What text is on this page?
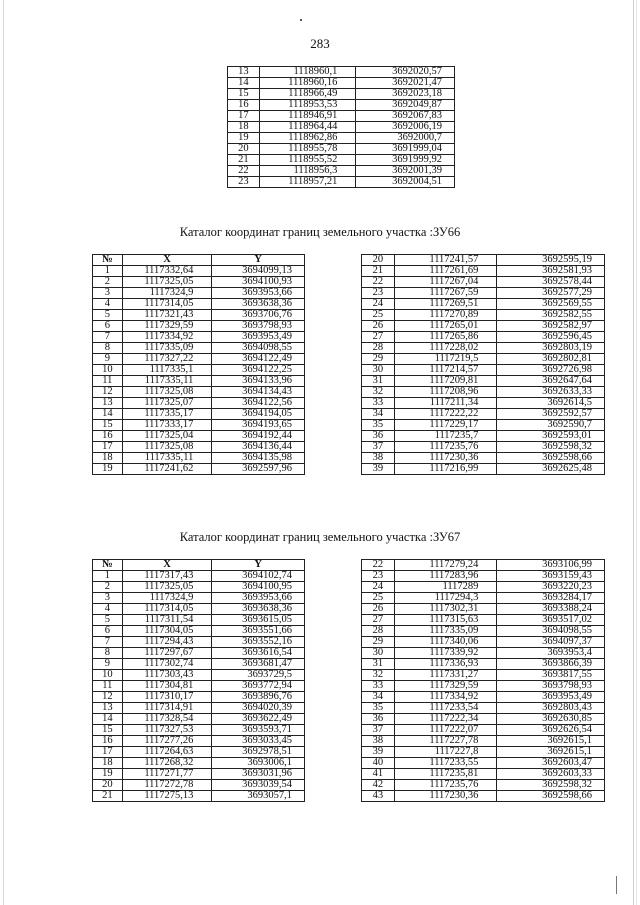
283
13	1118960,1	3692020,57
14	1118960,16	3692021,47
15	1118966,49	3692023,18
16	1118953,53	3692049,87
17	1118946,91	3692067,83
18	1118964,44	3692006,19
19	1118962,86	3692000,7
20	1118955,78	3691999,04
21	1118955,52	3691999,92
22	1118956,3	3692001,39
23	1118957,21	3692004,51
Каталог координат границ земельного участка :ЗУ66
№	X	Y
1	1117332,64	3694099,13
2	1117325,05	3694100,93
3	1117324,9	3693953,66
4	1117314,05	3693638,36
5	1117321,43	3693706,76
6	1117329,59	3693798,93
7	1117334,92	3693953,49
8	1117335,09	3694098,55
9	1117327,22	3694122,49
10	1117335,1	3694122,25
11	1117335,11	3694133,96
12	1117325,08	3694134,43
13	1117325,07	3694122,56
14	1117335,17	3694194,05
15	1117333,17	3694193,65
16	1117325,04	3694192,44
17	1117325,08	3694136,44
18	1117335,11	3694135,98
19	1117241,62	3692597,96
20	1117241,57	3692595,19
21	1117261,69	3692581,93
22	1117267,04	3692578,44
23	1117267,59	3692577,29
24	1117269,51	3692569,55
25	1117270,89	3692582,55
26	1117265,01	3692582,97
27	1117265,86	3692596,45
28	1117228,02	3692803,19
29	1117219,5	3692802,81
30	1117214,57	3692726,98
31	1117209,81	3692647,64
32	1117208,96	3692633,33
33	1117211,34	3692614,5
34	1117222,22	3692592,57
35	1117229,17	3692590,7
36	1117235,7	3692593,01
37	1117235,76	3692598,32
38	1117230,36	3692598,66
39	1117216,99	3692625,48
Каталог координат границ земельного участка :ЗУ67
№	X	Y
1	1117317,43	3694102,74
2	1117325,05	3694100,95
3	1117324,9	3693953,66
4	1117314,05	3693638,36
5	1117311,54	3693615,05
6	1117304,05	3693551,66
7	1117294,43	3693552,16
8	1117297,67	3693616,54
9	1117302,74	3693681,47
10	1117303,43	3693729,5
11	1117304,81	3693772,94
12	1117310,17	3693896,76
13	1117314,91	3694020,39
14	1117328,54	3693622,49
15	1117327,53	3693593,71
16	1117277,26	3693033,45
17	1117264,63	3692978,51
18	1117268,32	3693006,1
19	1117271,77	3693031,96
20	1117272,78	3693039,54
21	1117275,13	3693057,1
22	1117279,24	3693106,99
23	1117283,96	3693159,43
24	1117289	3693220,23
25	1117294,3	3693284,17
26	1117302,31	3693388,24
27	1117315,63	3693517,02
28	1117335,09	3694098,55
29	1117340,06	3694097,37
30	1117339,92	3693953,4
31	1117336,93	3693866,39
32	1117331,27	3693817,55
33	1117329,59	3693798,93
34	1117334,92	3693953,49
35	1117233,54	3692803,43
36	1117222,34	3692630,85
37	1117222,07	3692626,54
38	1117227,78	3692615,1
39	1117227,8	3692615,1
40	1117233,55	3692603,47
41	1117235,81	3692603,33
42	1117235,76	3692598,32
43	1117230,36	3692598,66
